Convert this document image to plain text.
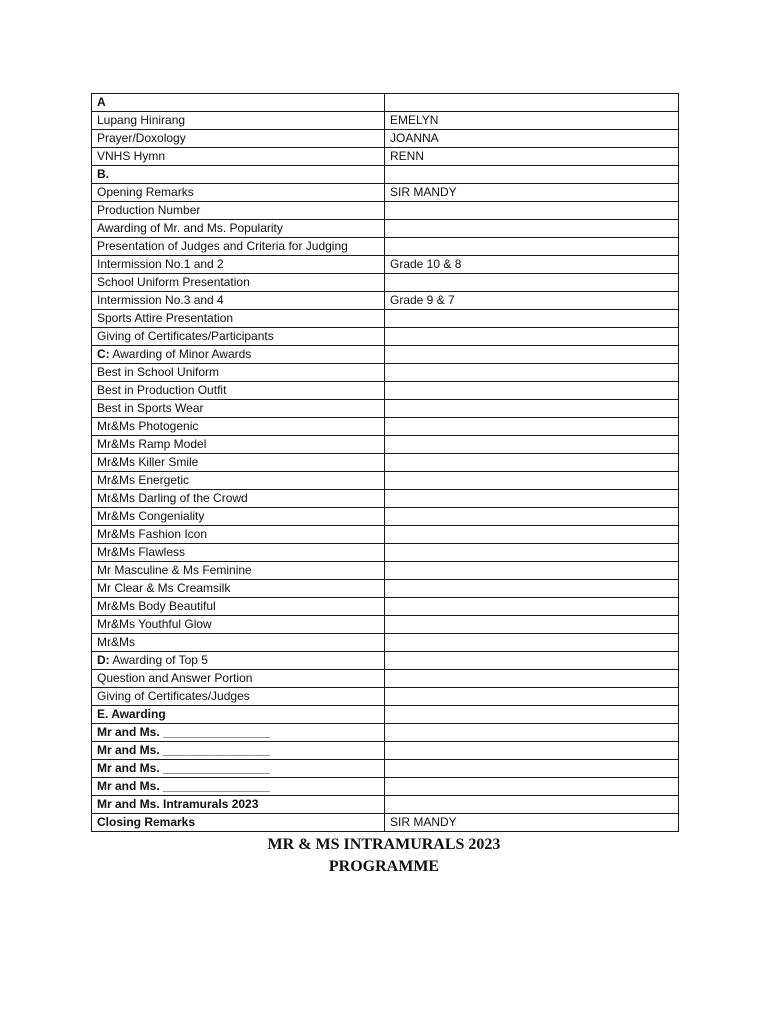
A	
Lupang Hinirang	EMELYN
Prayer/Doxology	JOANNA
VNHS Hymn	RENN
B.	
Opening Remarks	SIR MANDY
Production Number	
Awarding of Mr. and Ms. Popularity	
Presentation of Judges and Criteria for Judging	
Intermission No.1 and 2	Grade 10 & 8
School Uniform Presentation	
Intermission No.3 and 4	Grade 9 & 7
Sports Attire Presentation	
Giving of Certificates/Participants	
C: Awarding of Minor Awards	
Best in School Uniform	
Best in Production Outfit	
Best in Sports Wear	
Mr&Ms Photogenic	
Mr&Ms Ramp Model	
Mr&Ms Killer Smile	
Mr&Ms Energetic	
Mr&Ms Darling of the Crowd	
Mr&Ms Congeniality	
Mr&Ms Fashion Icon	
Mr&Ms Flawless	
Mr Masculine & Ms Feminine	
Mr Clear & Ms Creamsilk	
Mr&Ms Body Beautiful	
Mr&Ms Youthful Glow	
Mr&Ms	
D: Awarding of Top 5	
Question and Answer Portion	
Giving of Certificates/Judges	
E. Awarding	
Mr and Ms. ________________	
Mr and Ms. ________________	
Mr and Ms. ________________	
Mr and Ms. ________________	
Mr and Ms. Intramurals 2023	
Closing Remarks	SIR MANDY
MR & MS INTRAMURALS 2023
PROGRAMME
